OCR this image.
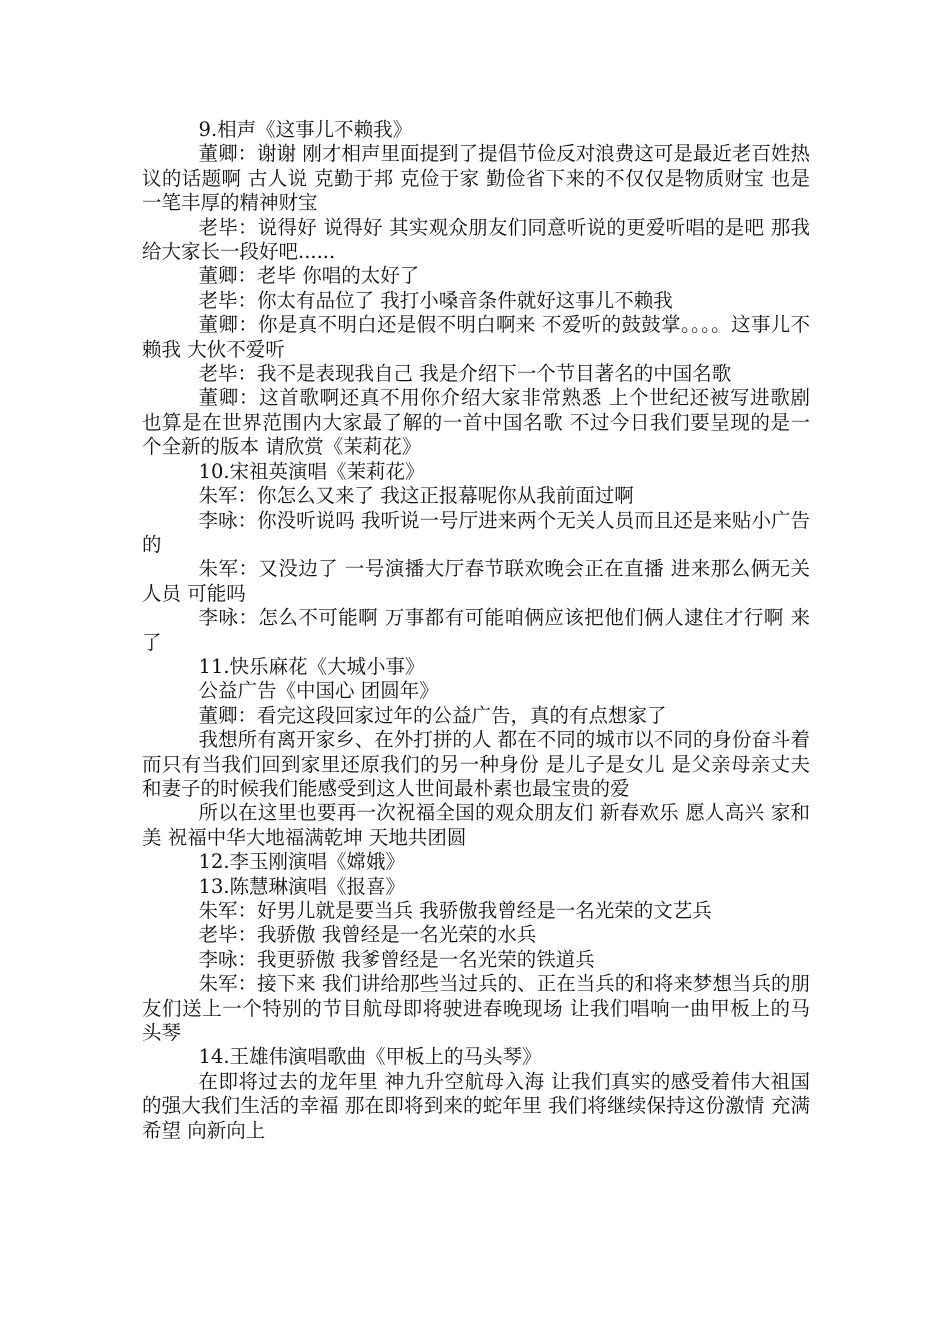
9.相声《这事儿不赖我》

董卿：谢谢 刚才相声里面提到了提倡节俭反对浪费这可是最近老百姓热议的话题啊 古人说 克勤于邦 克俭于家 勤俭省下来的不仅仅是物质财宝 也是一笔丰厚的精神财宝

老毕：说得好 说得好 其实观众朋友们同意听说的更爱听唱的是吧 那我给大家长一段好吧......

董卿：老毕 你唱的太好了

老毕：你太有品位了 我打小嗓音条件就好这事儿不赖我

董卿：你是真不明白还是假不明白啊来 不爱听的鼓鼓掌。。。。这事儿不赖我 大伙不爱听

老毕：我不是表现我自己 我是介绍下一个节目著名的中国名歌

董卿：这首歌啊还真不用你介绍大家非常熟悉 上个世纪还被写进歌剧 也算是在世界范围内大家最了解的一首中国名歌 不过今日我们要呈现的是一个全新的版本 请欣赏《茉莉花》

10.宋祖英演唱《茉莉花》

朱军：你怎么又来了 我这正报幕呢你从我前面过啊

李咏：你没听说吗 我听说一号厅进来两个无关人员而且还是来贴小广告的

朱军：又没边了 一号演播大厅春节联欢晚会正在直播 进来那么俩无关人员 可能吗

李咏：怎么不可能啊 万事都有可能咱俩应该把他们俩人逮住才行啊 来了

11.快乐麻花《大城小事》

公益广告《中国心 团圆年》

董卿：看完这段回家过年的公益广告，真的有点想家了

我想所有离开家乡、在外打拼的人 都在不同的城市以不同的身份奋斗着 而只有当我们回到家里还原我们的另一种身份 是儿子是女儿 是父亲母亲丈夫和妻子的时候我们能感受到这人世间最朴素也最宝贵的爱

所以在这里也要再一次祝福全国的观众朋友们 新春欢乐 愿人高兴 家和美 祝福中华大地福满乾坤 天地共团圆

12.李玉刚演唱《嫦娥》

13.陈慧琳演唱《报喜》

朱军：好男儿就是要当兵 我骄傲我曾经是一名光荣的文艺兵

老毕：我骄傲 我曾经是一名光荣的水兵

李咏：我更骄傲 我爹曾经是一名光荣的铁道兵

朱军：接下来 我们讲给那些当过兵的、正在当兵的和将来梦想当兵的朋友们送上一个特别的节目航母即将驶进春晚现场 让我们唱响一曲甲板上的马头琴

14.王雄伟演唱歌曲《甲板上的马头琴》

在即将过去的龙年里 神九升空航母入海 让我们真实的感受着伟大祖国的强大我们生活的幸福 那在即将到来的蛇年里 我们将继续保持这份激情 充满希望 向新向上
